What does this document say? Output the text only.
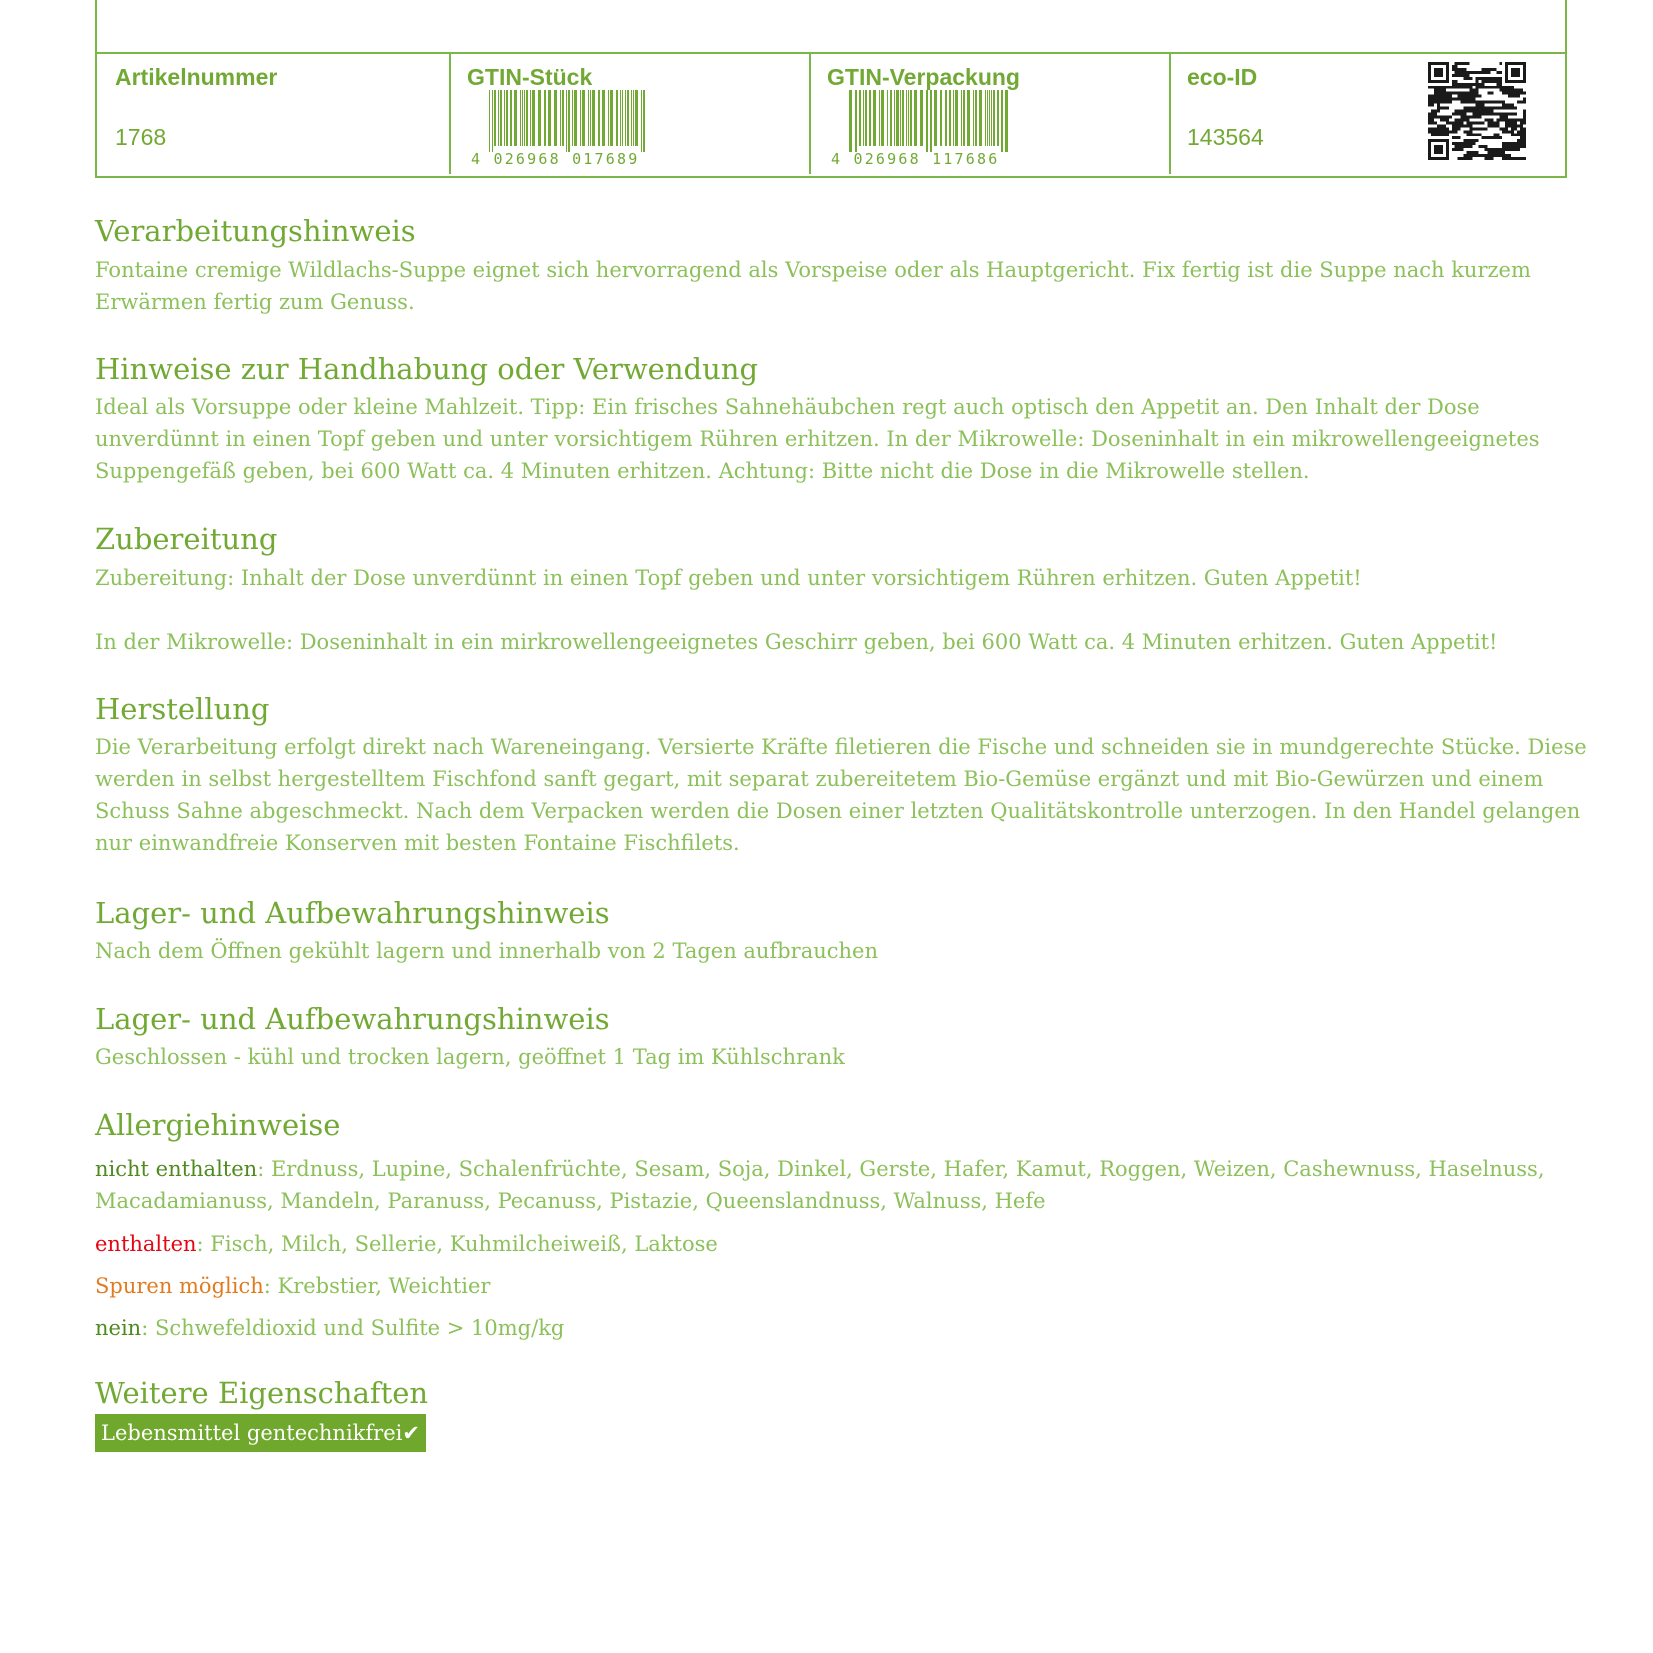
Artikelnummer
1768
GTIN-Stück
4 026968 017689
GTIN-Verpackung
4 026968 117686
eco-ID
143564
Verarbeitungshinweis

Fontaine cremige Wildlachs-Suppe eignet sich hervorragend als Vorspeise oder als Hauptgericht. Fix fertig ist die Suppe nach kurzem Erwärmen fertig zum Genuss.

Hinweise zur Handhabung oder Verwendung

Ideal als Vorsuppe oder kleine Mahlzeit. Tipp: Ein frisches Sahnehäubchen regt auch optisch den Appetit an. Den Inhalt der Dose unverdünnt in einen Topf geben und unter vorsichtigem Rühren erhitzen. In der Mikrowelle: Doseninhalt in ein mikrowellengeeignetes Suppengefäß geben, bei 600 Watt ca. 4 Minuten erhitzen. Achtung: Bitte nicht die Dose in die Mikrowelle stellen.

Zubereitung

Zubereitung: Inhalt der Dose unverdünnt in einen Topf geben und unter vorsichtigem Rühren erhitzen. Guten Appetit!

In der Mikrowelle: Doseninhalt in ein mirkrowellengeeignetes Geschirr geben, bei 600 Watt ca. 4 Minuten erhitzen. Guten Appetit!

Herstellung

Die Verarbeitung erfolgt direkt nach Wareneingang. Versierte Kräfte filetieren die Fische und schneiden sie in mundgerechte Stücke. Diese werden in selbst hergestelltem Fischfond sanft gegart, mit separat zubereitetem Bio-Gemüse ergänzt und mit Bio-Gewürzen und einem Schuss Sahne abgeschmeckt. Nach dem Verpacken werden die Dosen einer letzten Qualitätskontrolle unterzogen. In den Handel gelangen nur einwandfreie Konserven mit besten Fontaine Fischfilets.

Lager- und Aufbewahrungshinweis

Nach dem Öffnen gekühlt lagern und innerhalb von 2 Tagen aufbrauchen

Lager- und Aufbewahrungshinweis

Geschlossen - kühl und trocken lagern, geöffnet 1 Tag im Kühlschrank

Allergiehinweise
nicht enthalten: Erdnuss, Lupine, Schalenfrüchte, Sesam, Soja, Dinkel, Gerste, Hafer, Kamut, Roggen, Weizen, Cashewnuss, Haselnuss, Macadamianuss, Mandeln, Paranuss, Pecanuss, Pistazie, Queenslandnuss, Walnuss, Hefe
enthalten: Fisch, Milch, Sellerie, Kuhmilcheiweiß, Laktose
Spuren möglich: Krebstier, Weichtier
nein: Schwefeldioxid und Sulfite > 10mg/kg
Weitere Eigenschaften
Lebensmittel gentechnikfrei✔
